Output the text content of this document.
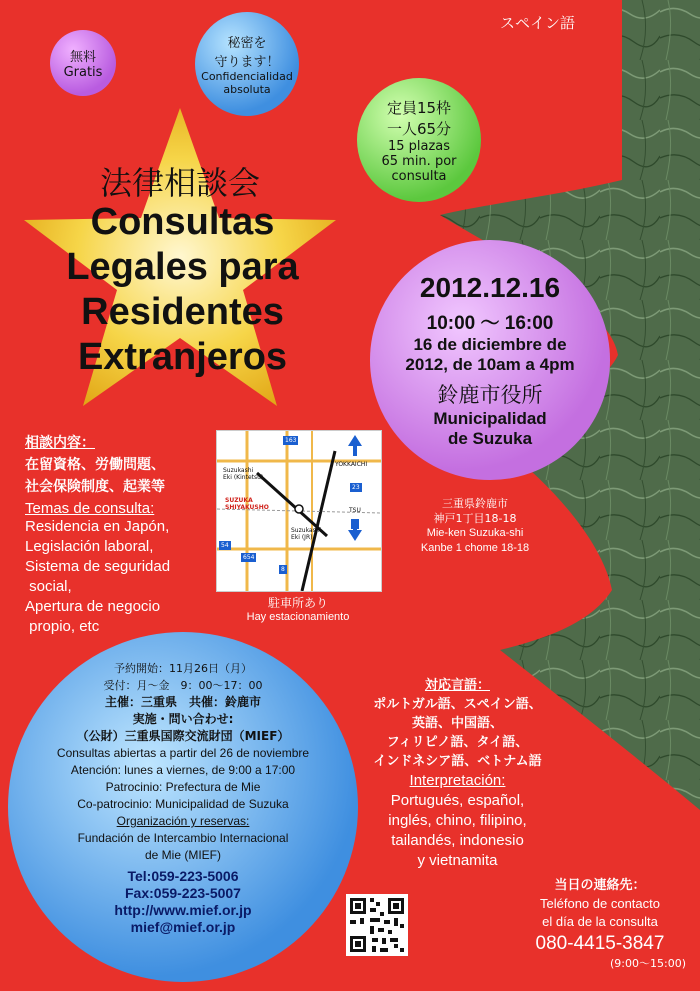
スペイン語
無料
Gratis
秘密を
守ります！
Confidencialidad
absoluta
定員15枠
一人65分
15 plazas
65 min. por
consulta
法律相談会
Consultas
Legales para
Residentes
Extranjeros
2012.12.16
10:00 ～ 16:00
16 de diciembre de
2012, de 10am a 4pm
鈴鹿市役所
Municipalidad
de Suzuka
相談内容：
在留資格、労働問題、
社会保険制度、起業等
Temas de consulta:
Residencia en Japón,
Legislación laboral,
Sistema de seguridad
social,
Apertura de negocio
propio, etc
Suzukashi
Eki (Kintetsu)
SUZUKA
SHIYAKUSHO
Suzukashi
Eki (JR)
YOKKAICHI
TSU
163
23
54
654
8
駐車所あり
Hay estacionamiento
三重県鈴鹿市
神戸1丁目18-18
Mie-ken Suzuka-shi
Kanbe 1 chome 18-18
予約開始：11月26日（月）
受付：月～金　9：00～17：00
主催：三重県　共催：鈴鹿市
実施・問い合わせ:
（公財）三重県国際交流財団（MIEF）
Consultas abiertas a partir del 26 de noviembre
Atención: lunes a viernes, de 9:00 a 17:00
Patrocinio: Prefectura de Mie
Co-patrocinio: Municipalidad de Suzuka
Organización y reservas:
Fundación de Intercambio Internacional
de Mie (MIEF)
Tel:059-223-5006
Fax:059-223-5007
http://www.mief.or.jp
mief@mief.or.jp
対応言語：
ポルトガル語、スペイン語、
英語、中国語、
フィリピノ語、タイ語、
インドネシア語、ベトナム語
Interpretación:
Portugués, español,
inglés, chino, filipino,
tailandés, indonesio
y vietnamita
当日の連絡先：
Teléfono de contacto
el día de la consulta
080-4415-3847
(9:00～15:00)
